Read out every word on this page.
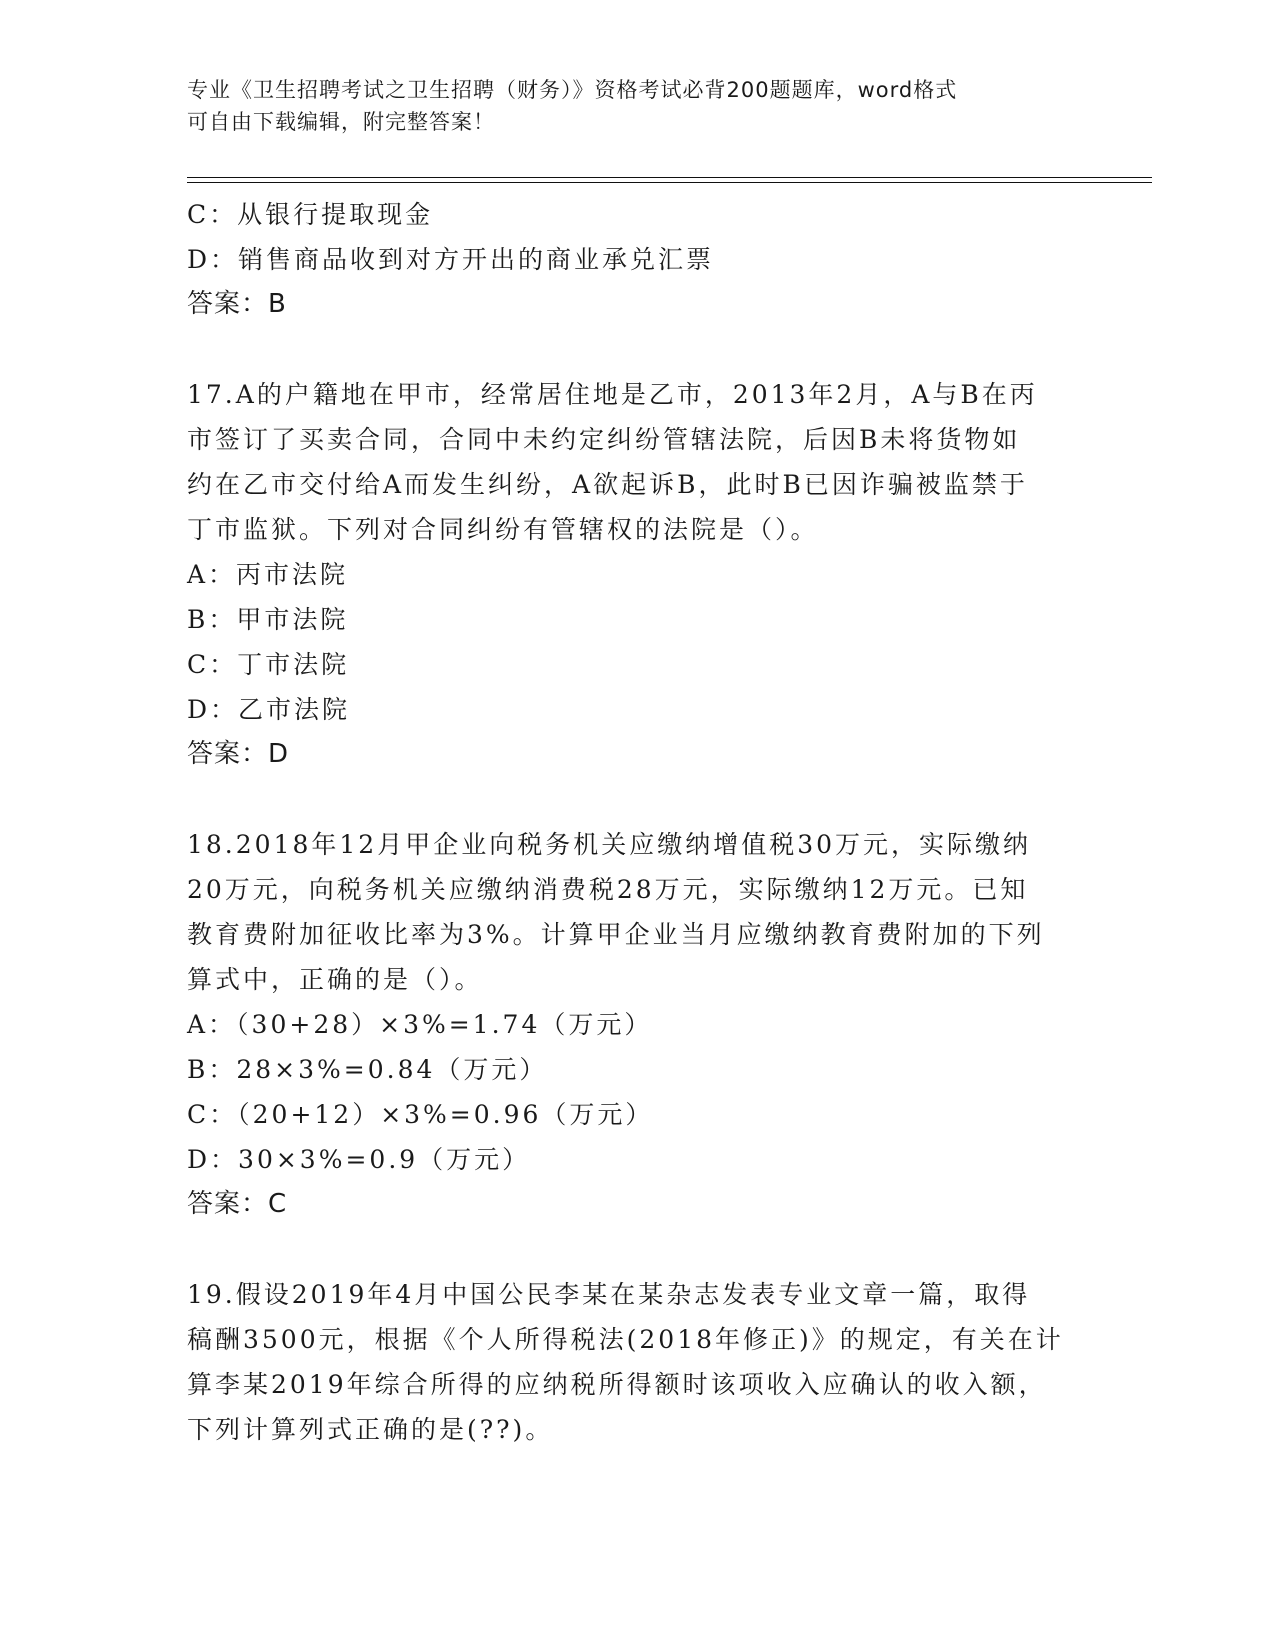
专业《卫生招聘考试之卫生招聘（财务）》资格考试必背200题题库，word格式
可自由下载编辑，附完整答案！
C：从银行提取现金
D：销售商品收到对方开出的商业承兑汇票
答案：B
17.A的户籍地在甲市，经常居住地是乙市，2013年2月，A与B在丙
市签订了买卖合同，合同中未约定纠纷管辖法院，后因B未将货物如
约在乙市交付给A而发生纠纷，A欲起诉B，此时B已因诈骗被监禁于
丁市监狱。下列对合同纠纷有管辖权的法院是（）。
A：丙市法院
B：甲市法院
C：丁市法院
D：乙市法院
答案：D
18.2018年12月甲企业向税务机关应缴纳增值税30万元，实际缴纳
20万元，向税务机关应缴纳消费税28万元，实际缴纳12万元。已知
教育费附加征收比率为3%。计算甲企业当月应缴纳教育费附加的下列
算式中，正确的是（）。
A：（30+28）×3%=1.74（万元）
B：28×3%=0.84（万元）
C：（20+12）×3%=0.96（万元）
D：30×3%=0.9（万元）
答案：C
19.假设2019年4月中国公民李某在某杂志发表专业文章一篇，取得
稿酬3500元，根据《个人所得税法(2018年修正)》的规定，有关在计
算李某2019年综合所得的应纳税所得额时该项收入应确认的收入额，
下列计算列式正确的是(??)。
